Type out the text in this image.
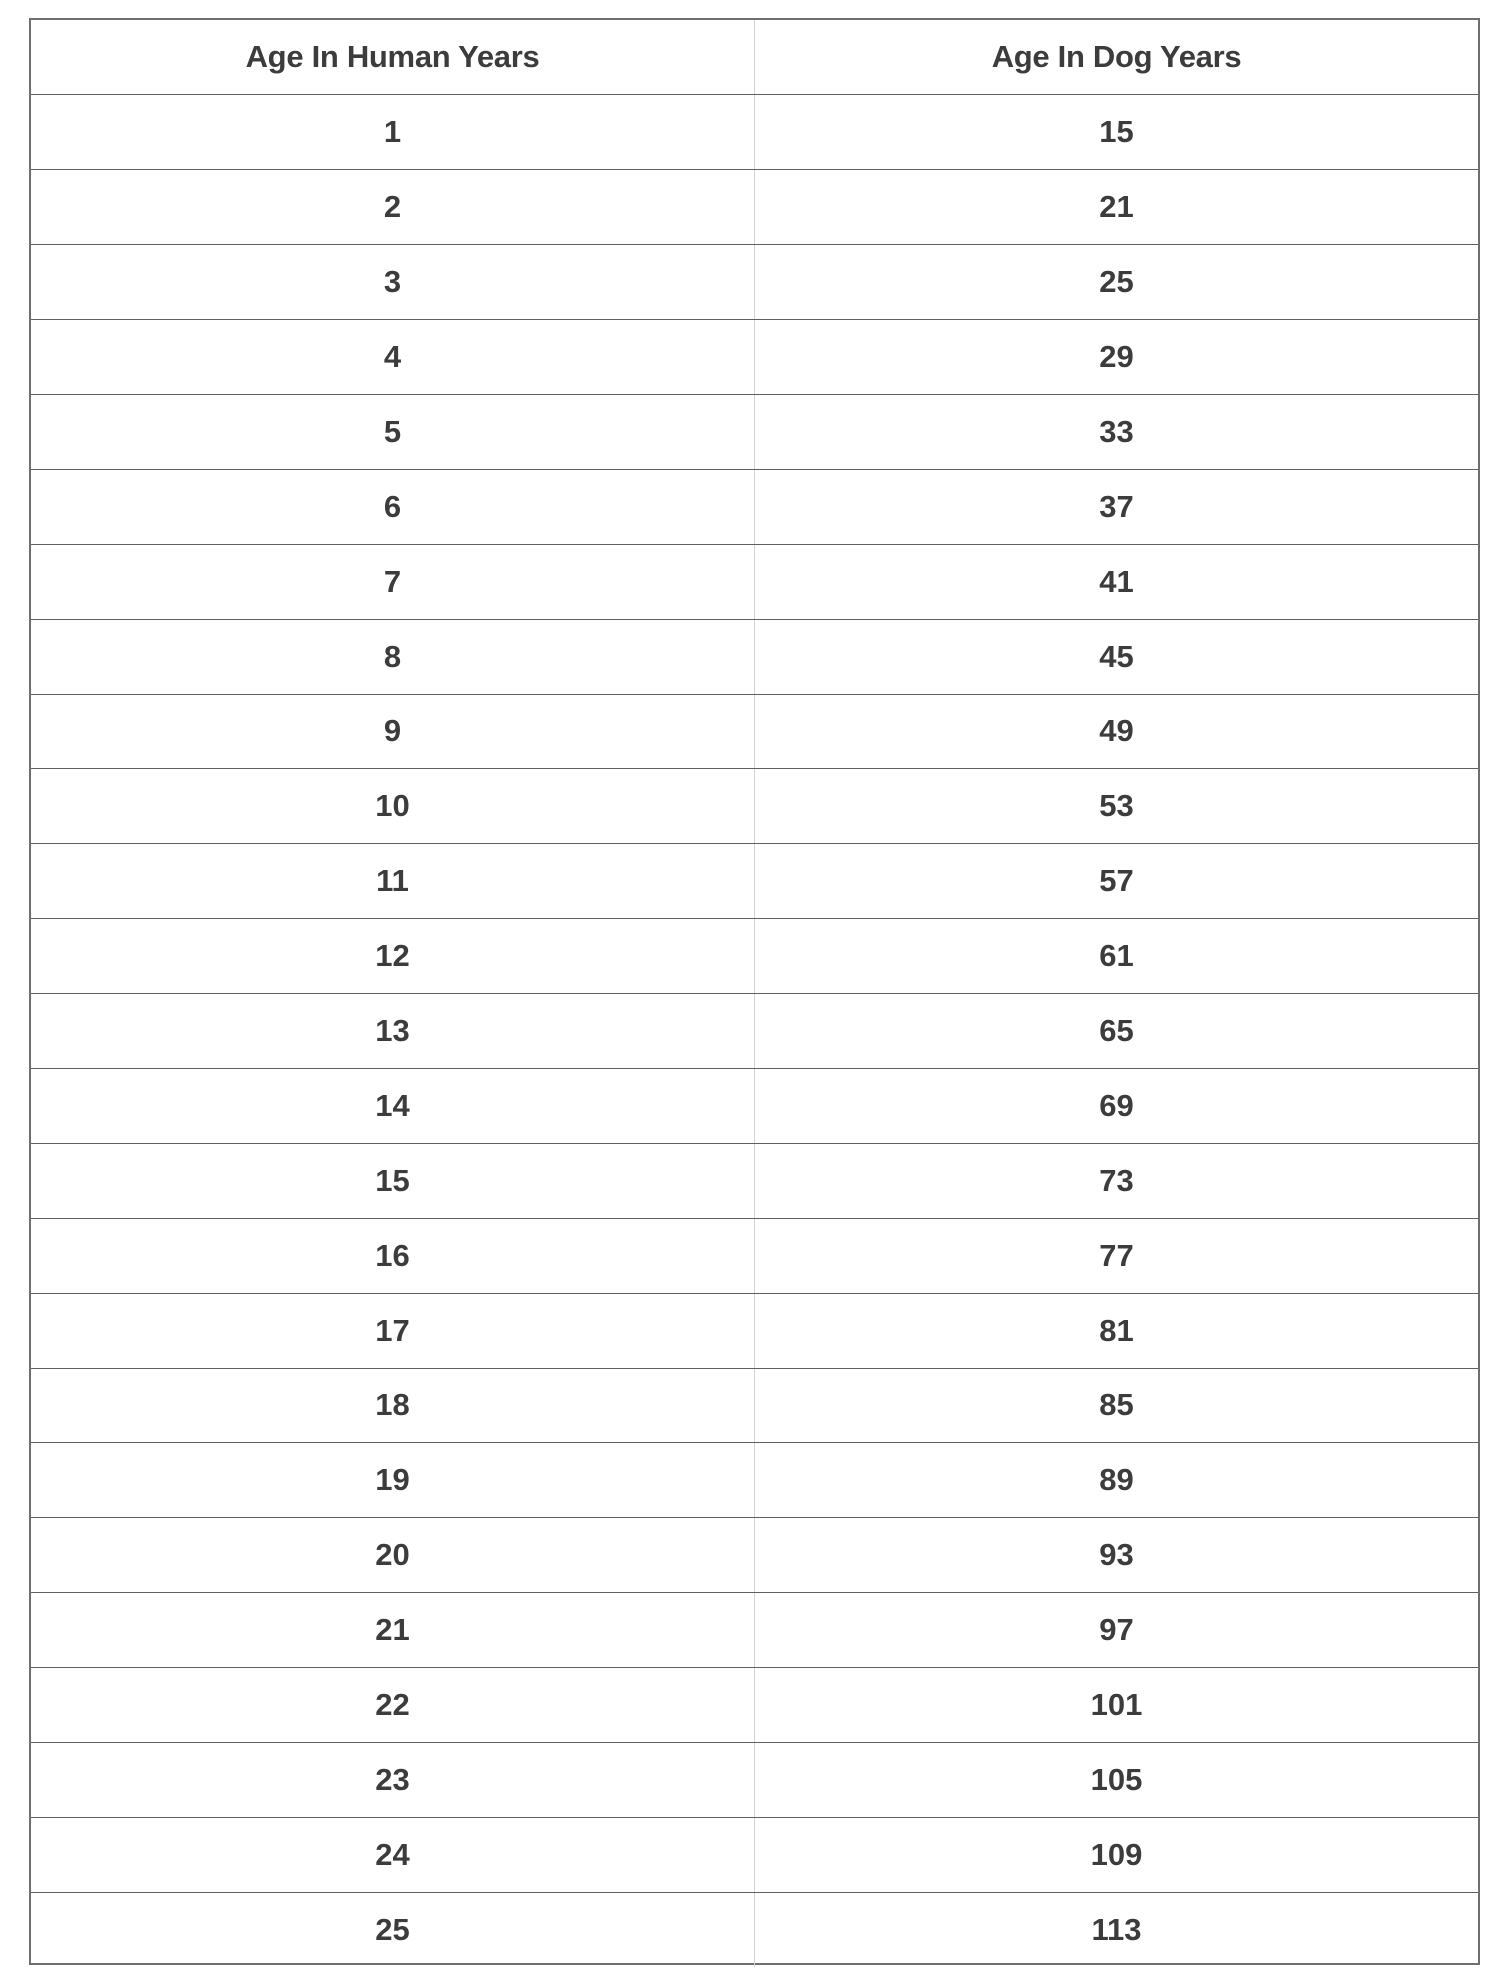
Age In Human Years	Age In Dog Years
1	15
2	21
3	25
4	29
5	33
6	37
7	41
8	45
9	49
10	53
11	57
12	61
13	65
14	69
15	73
16	77
17	81
18	85
19	89
20	93
21	97
22	101
23	105
24	109
25	113
